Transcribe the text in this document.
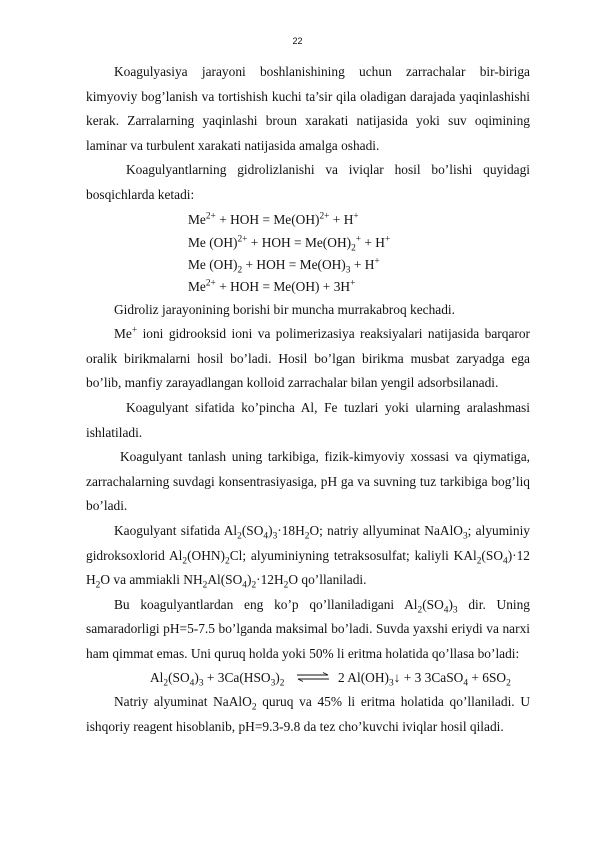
22

Koagulyasiya jarayoni boshlanishining uchun zarrachalar bir-biriga kimyoviy bog’lanish va tortishish kuchi ta’sir qila oladigan darajada yaqinlashishi kerak. Zarralarning yaqinlashi broun xarakati natijasida yoki suv oqimining laminar va turbulent xarakati natijasida amalga oshadi.

Koagulyantlarning gidrolizlanishi va iviqlar hosil bo’lishi quyidagi bosqichlarda ketadi:

$Me^{2+}$ + HOH = Me(OH)$^{2+}$ + H+
Me (OH)$^{2+}$ + HOH = $Me(OH)_2^+ + H^+$
Me $(OH)_2$ + HOH = $Me(OH)_3 + H^+$
$Me^{2+}$ + HOH = Me(OH) + 3H+

Gidroliz jarayonining borishi bir muncha murrakabroq kechadi.

Me+ ioni gidrooksid ioni va polimerizasiya reaksiyalari natijasida barqaror oralik birikmalarni hosil bo’ladi. Hosil bo’lgan birikma musbat zaryadga ega bo’lib, manfiy zarayadlangan kolloid zarrachalar bilan yengil adsorbsilanadi.

Koagulyant sifatida ko’pincha Al, Fe tuzlari yoki ularning aralashmasi ishlatiladi.

Koagulyant tanlash uning tarkibiga, fizik-kimyoviy xossasi va qiymatiga, zarrachalarning suvdagi konsentrasiyasiga, pH ga va suvning tuz tarkibiga bog’liq bo’ladi.

Kaogulyant sifatida $Al_2(SO_4)_3\cdot 18H_2O$; natriy allyuminat NaAlO$_3$; alyuminiy gidroksoxlorid $Al_2(OHN)_2Cl$; alyuminiyning tetraksosulfat; kaliyli $KAl_2(SO_4)\cdot 12$ $H_2O$ va ammiakli $NH_2Al(SO_4)_2\cdot 12H_2O$ qo’llaniladi.

Bu koagulyantlardan eng ko’p qo’llaniladigani $Al_2(SO_4)_3$ dir. Uning samaradorligi pH=5-7.5 bo’lganda maksimal bo’ladi. Suvda yaxshi eriydi va narxi ham qimmat emas. Uni quruq holda yoki 50% li eritma holatida qo’llasa bo’ladi:

$Al_2(SO_4)_3 + 3Ca(HSO_3)_2$ ⇌ 2 $Al(OH)_3↓ + 3$ 3CaSO$_4$ + $6SO_2$

Natriy alyuminat NaAlO$_2$ quruq va 45% li eritma holatida qo’llaniladi. U ishqoriy reagent hisoblanib, pH=9.3-9.8 da tez cho’kuvchi iviqlar hosil qiladi.
